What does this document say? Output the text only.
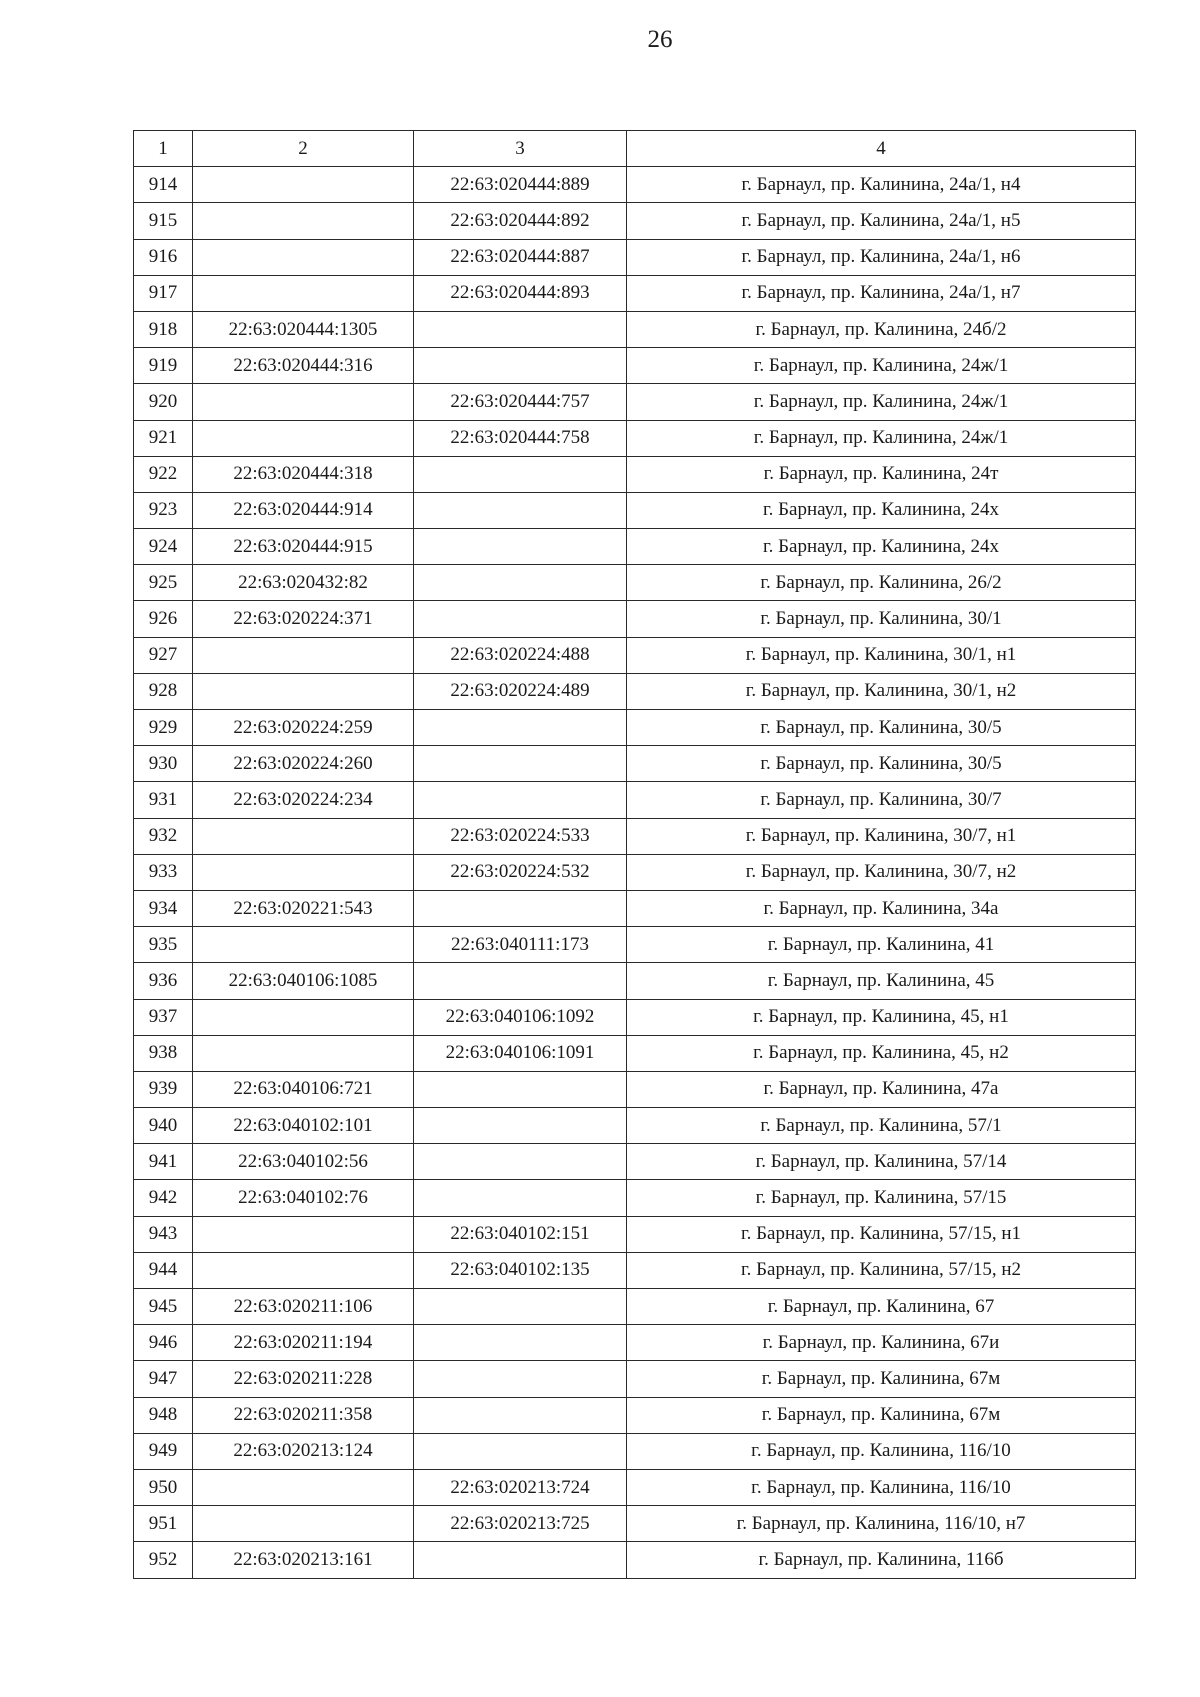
26
1	2	3	4
914		22:63:020444:889	г. Барнаул, пр. Калинина, 24а/1, н4
915		22:63:020444:892	г. Барнаул, пр. Калинина, 24а/1, н5
916		22:63:020444:887	г. Барнаул, пр. Калинина, 24а/1, н6
917		22:63:020444:893	г. Барнаул, пр. Калинина, 24а/1, н7
918	22:63:020444:1305		г. Барнаул, пр. Калинина, 24б/2
919	22:63:020444:316		г. Барнаул, пр. Калинина, 24ж/1
920		22:63:020444:757	г. Барнаул, пр. Калинина, 24ж/1
921		22:63:020444:758	г. Барнаул, пр. Калинина, 24ж/1
922	22:63:020444:318		г. Барнаул, пр. Калинина, 24т
923	22:63:020444:914		г. Барнаул, пр. Калинина, 24х
924	22:63:020444:915		г. Барнаул, пр. Калинина, 24х
925	22:63:020432:82		г. Барнаул, пр. Калинина, 26/2
926	22:63:020224:371		г. Барнаул, пр. Калинина, 30/1
927		22:63:020224:488	г. Барнаул, пр. Калинина, 30/1, н1
928		22:63:020224:489	г. Барнаул, пр. Калинина, 30/1, н2
929	22:63:020224:259		г. Барнаул, пр. Калинина, 30/5
930	22:63:020224:260		г. Барнаул, пр. Калинина, 30/5
931	22:63:020224:234		г. Барнаул, пр. Калинина, 30/7
932		22:63:020224:533	г. Барнаул, пр. Калинина, 30/7, н1
933		22:63:020224:532	г. Барнаул, пр. Калинина, 30/7, н2
934	22:63:020221:543		г. Барнаул, пр. Калинина, 34а
935		22:63:040111:173	г. Барнаул, пр. Калинина, 41
936	22:63:040106:1085		г. Барнаул, пр. Калинина, 45
937		22:63:040106:1092	г. Барнаул, пр. Калинина, 45, н1
938		22:63:040106:1091	г. Барнаул, пр. Калинина, 45, н2
939	22:63:040106:721		г. Барнаул, пр. Калинина, 47а
940	22:63:040102:101		г. Барнаул, пр. Калинина, 57/1
941	22:63:040102:56		г. Барнаул, пр. Калинина, 57/14
942	22:63:040102:76		г. Барнаул, пр. Калинина, 57/15
943		22:63:040102:151	г. Барнаул, пр. Калинина, 57/15, н1
944		22:63:040102:135	г. Барнаул, пр. Калинина, 57/15, н2
945	22:63:020211:106		г. Барнаул, пр. Калинина, 67
946	22:63:020211:194		г. Барнаул, пр. Калинина, 67и
947	22:63:020211:228		г. Барнаул, пр. Калинина, 67м
948	22:63:020211:358		г. Барнаул, пр. Калинина, 67м
949	22:63:020213:124		г. Барнаул, пр. Калинина, 116/10
950		22:63:020213:724	г. Барнаул, пр. Калинина, 116/10
951		22:63:020213:725	г. Барнаул, пр. Калинина, 116/10, н7
952	22:63:020213:161		г. Барнаул, пр. Калинина, 116б
